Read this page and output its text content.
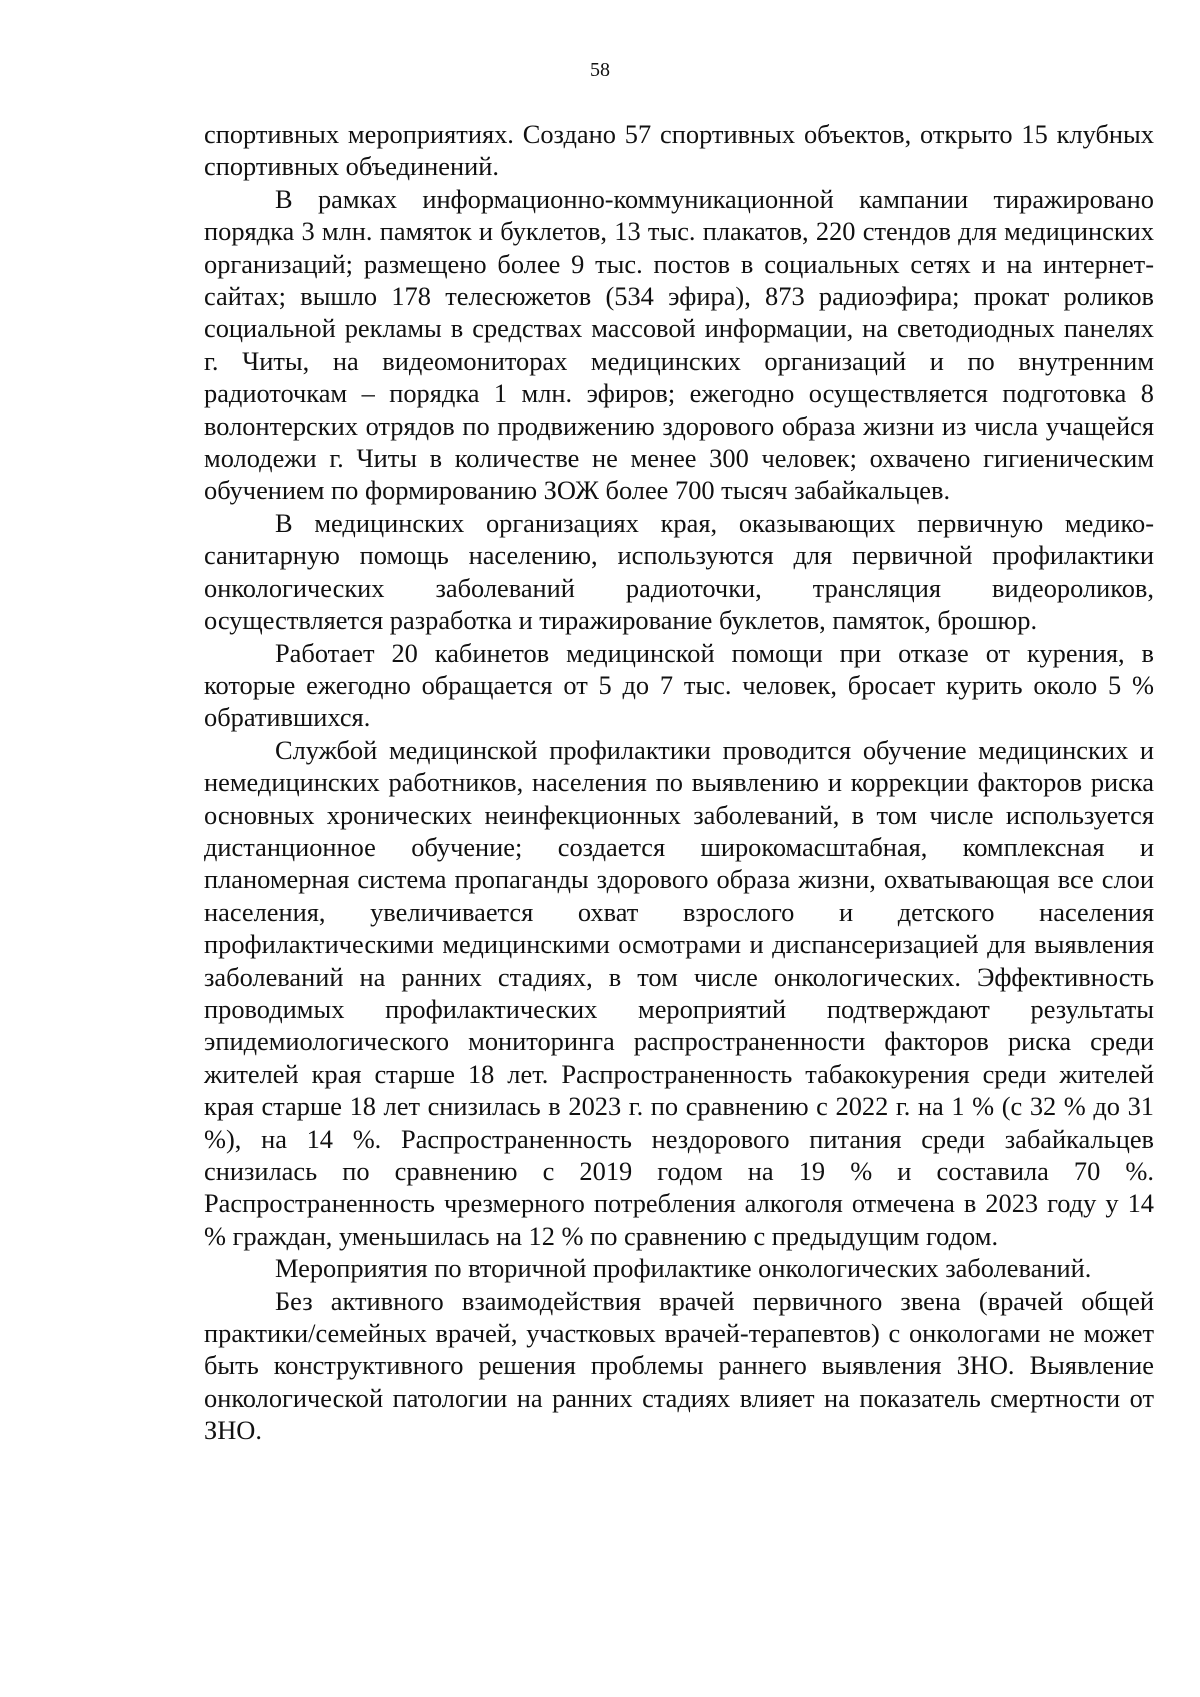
58

спортивных мероприятиях. Создано 57 спортивных объектов, открыто 15 клубных спортивных объединений.

В рамках информационно-коммуникационной кампании тиражировано порядка 3 млн. памяток и буклетов, 13 тыс. плакатов, 220 стендов для медицинских организаций; размещено более 9 тыс. постов в социальных сетях и на интернет-сайтах; вышло 178 телесюжетов (534 эфира), 873 радиоэфира; прокат роликов социальной рекламы в средствах массовой информации, на светодиодных панелях г. Читы, на видеомониторах медицинских организаций и по внутренним радиоточкам – порядка 1 млн. эфиров; ежегодно осуществляется подготовка 8 волонтерских отрядов по продвижению здорового образа жизни из числа учащейся молодежи г. Читы в количестве не менее 300 человек; охвачено гигиеническим обучением по формированию ЗОЖ более 700 тысяч забайкальцев.

В медицинских организациях края, оказывающих первичную медико-санитарную помощь населению, используются для первичной профилактики онкологических заболеваний радиоточки, трансляция видеороликов, осуществляется разработка и тиражирование буклетов, памяток, брошюр.

Работает 20 кабинетов медицинской помощи при отказе от курения, в которые ежегодно обращается от 5 до 7 тыс. человек, бросает курить около 5 % обратившихся.

Службой медицинской профилактики проводится обучение медицинских и немедицинских работников, населения по выявлению и коррекции факторов риска основных хронических неинфекционных заболеваний, в том числе используется дистанционное обучение; создается широкомасштабная, комплексная и планомерная система пропаганды здорового образа жизни, охватывающая все слои населения, увеличивается охват взрослого и детского населения профилактическими медицинскими осмотрами и диспансеризацией для выявления заболеваний на ранних стадиях, в том числе онкологических. Эффективность проводимых профилактических мероприятий подтверждают результаты эпидемиологического мониторинга распространенности факторов риска среди жителей края старше 18 лет. Распространенность табакокурения среди жителей края старше 18 лет снизилась в 2023 г. по сравнению с 2022 г. на 1 % (с 32 % до 31 %), на 14 %. Распространенность нездорового питания среди забайкальцев снизилась по сравнению с 2019 годом на 19 % и составила 70 %. Распространенность чрезмерного потребления алкоголя отмечена в 2023 году у 14 % граждан, уменьшилась на 12 % по сравнению с предыдущим годом.

Мероприятия по вторичной профилактике онкологических заболеваний.

Без активного взаимодействия врачей первичного звена (врачей общей практики/семейных врачей, участковых врачей-терапевтов) с онкологами не может быть конструктивного решения проблемы раннего выявления ЗНО. Выявление онкологической патологии на ранних стадиях влияет на показатель смертности от ЗНО.
